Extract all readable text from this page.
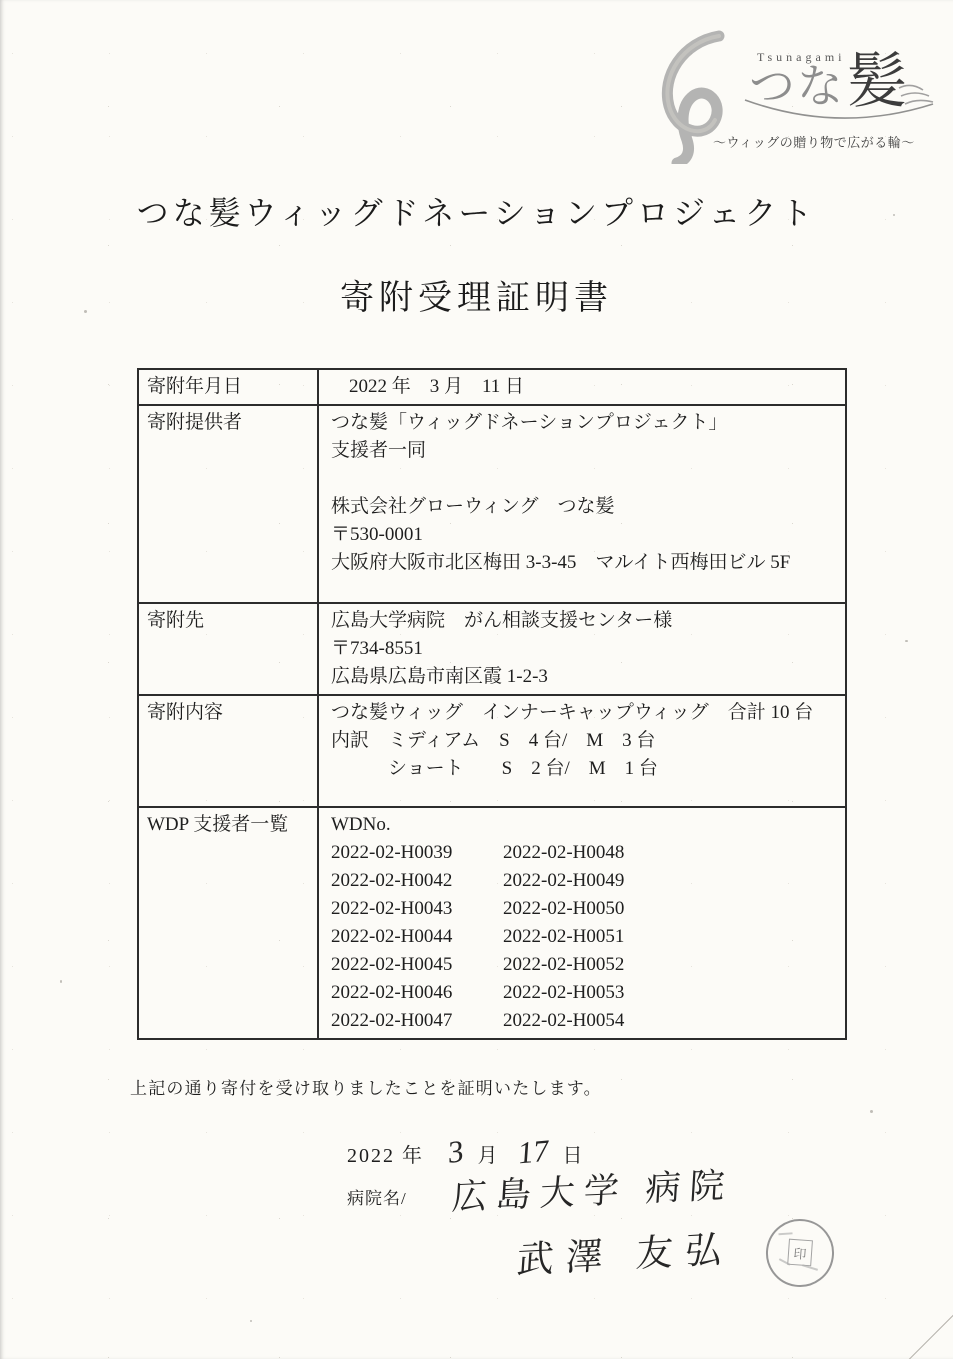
Tsunagami
つな 髪
〜ウィッグの贈り物で広がる輪〜
つな髪ウィッグドネーションプロジェクト
寄附受理証明書
寄附年月日	2022 年　3 月　11 日
寄附提供者	つな髪「ウィッグドネーションプロジェクト」
支援者一同
株式会社グローウィング　つな髪
〒530-0001
大阪府大阪市北区梅田 3-3-45　マルイト西梅田ビル 5F
寄附先	広島大学病院　がん相談支援センター様
〒734-8551
広島県広島市南区霞 1-2-3
寄附内容	つな髪ウィッグ　インナーキャップウィッグ　合計 10 台
内訳　ミディアム　S　4 台/　M　3 台
　　　ショート　　S　2 台/　M　1 台
WDP 支援者一覧	WDNo.
2022-02-H0039	2022-02-H0048
2022-02-H0042	2022-02-H0049
2022-02-H0043	2022-02-H0050
2022-02-H0044	2022-02-H0051
2022-02-H0045	2022-02-H0052
2022-02-H0046	2022-02-H0053
2022-02-H0047	2022-02-H0054
上記の通り寄付を受け取りましたことを証明いたします。
2022 年 3 月 17 日
病院名/ 広島大学 病院
武澤 友弘	印
